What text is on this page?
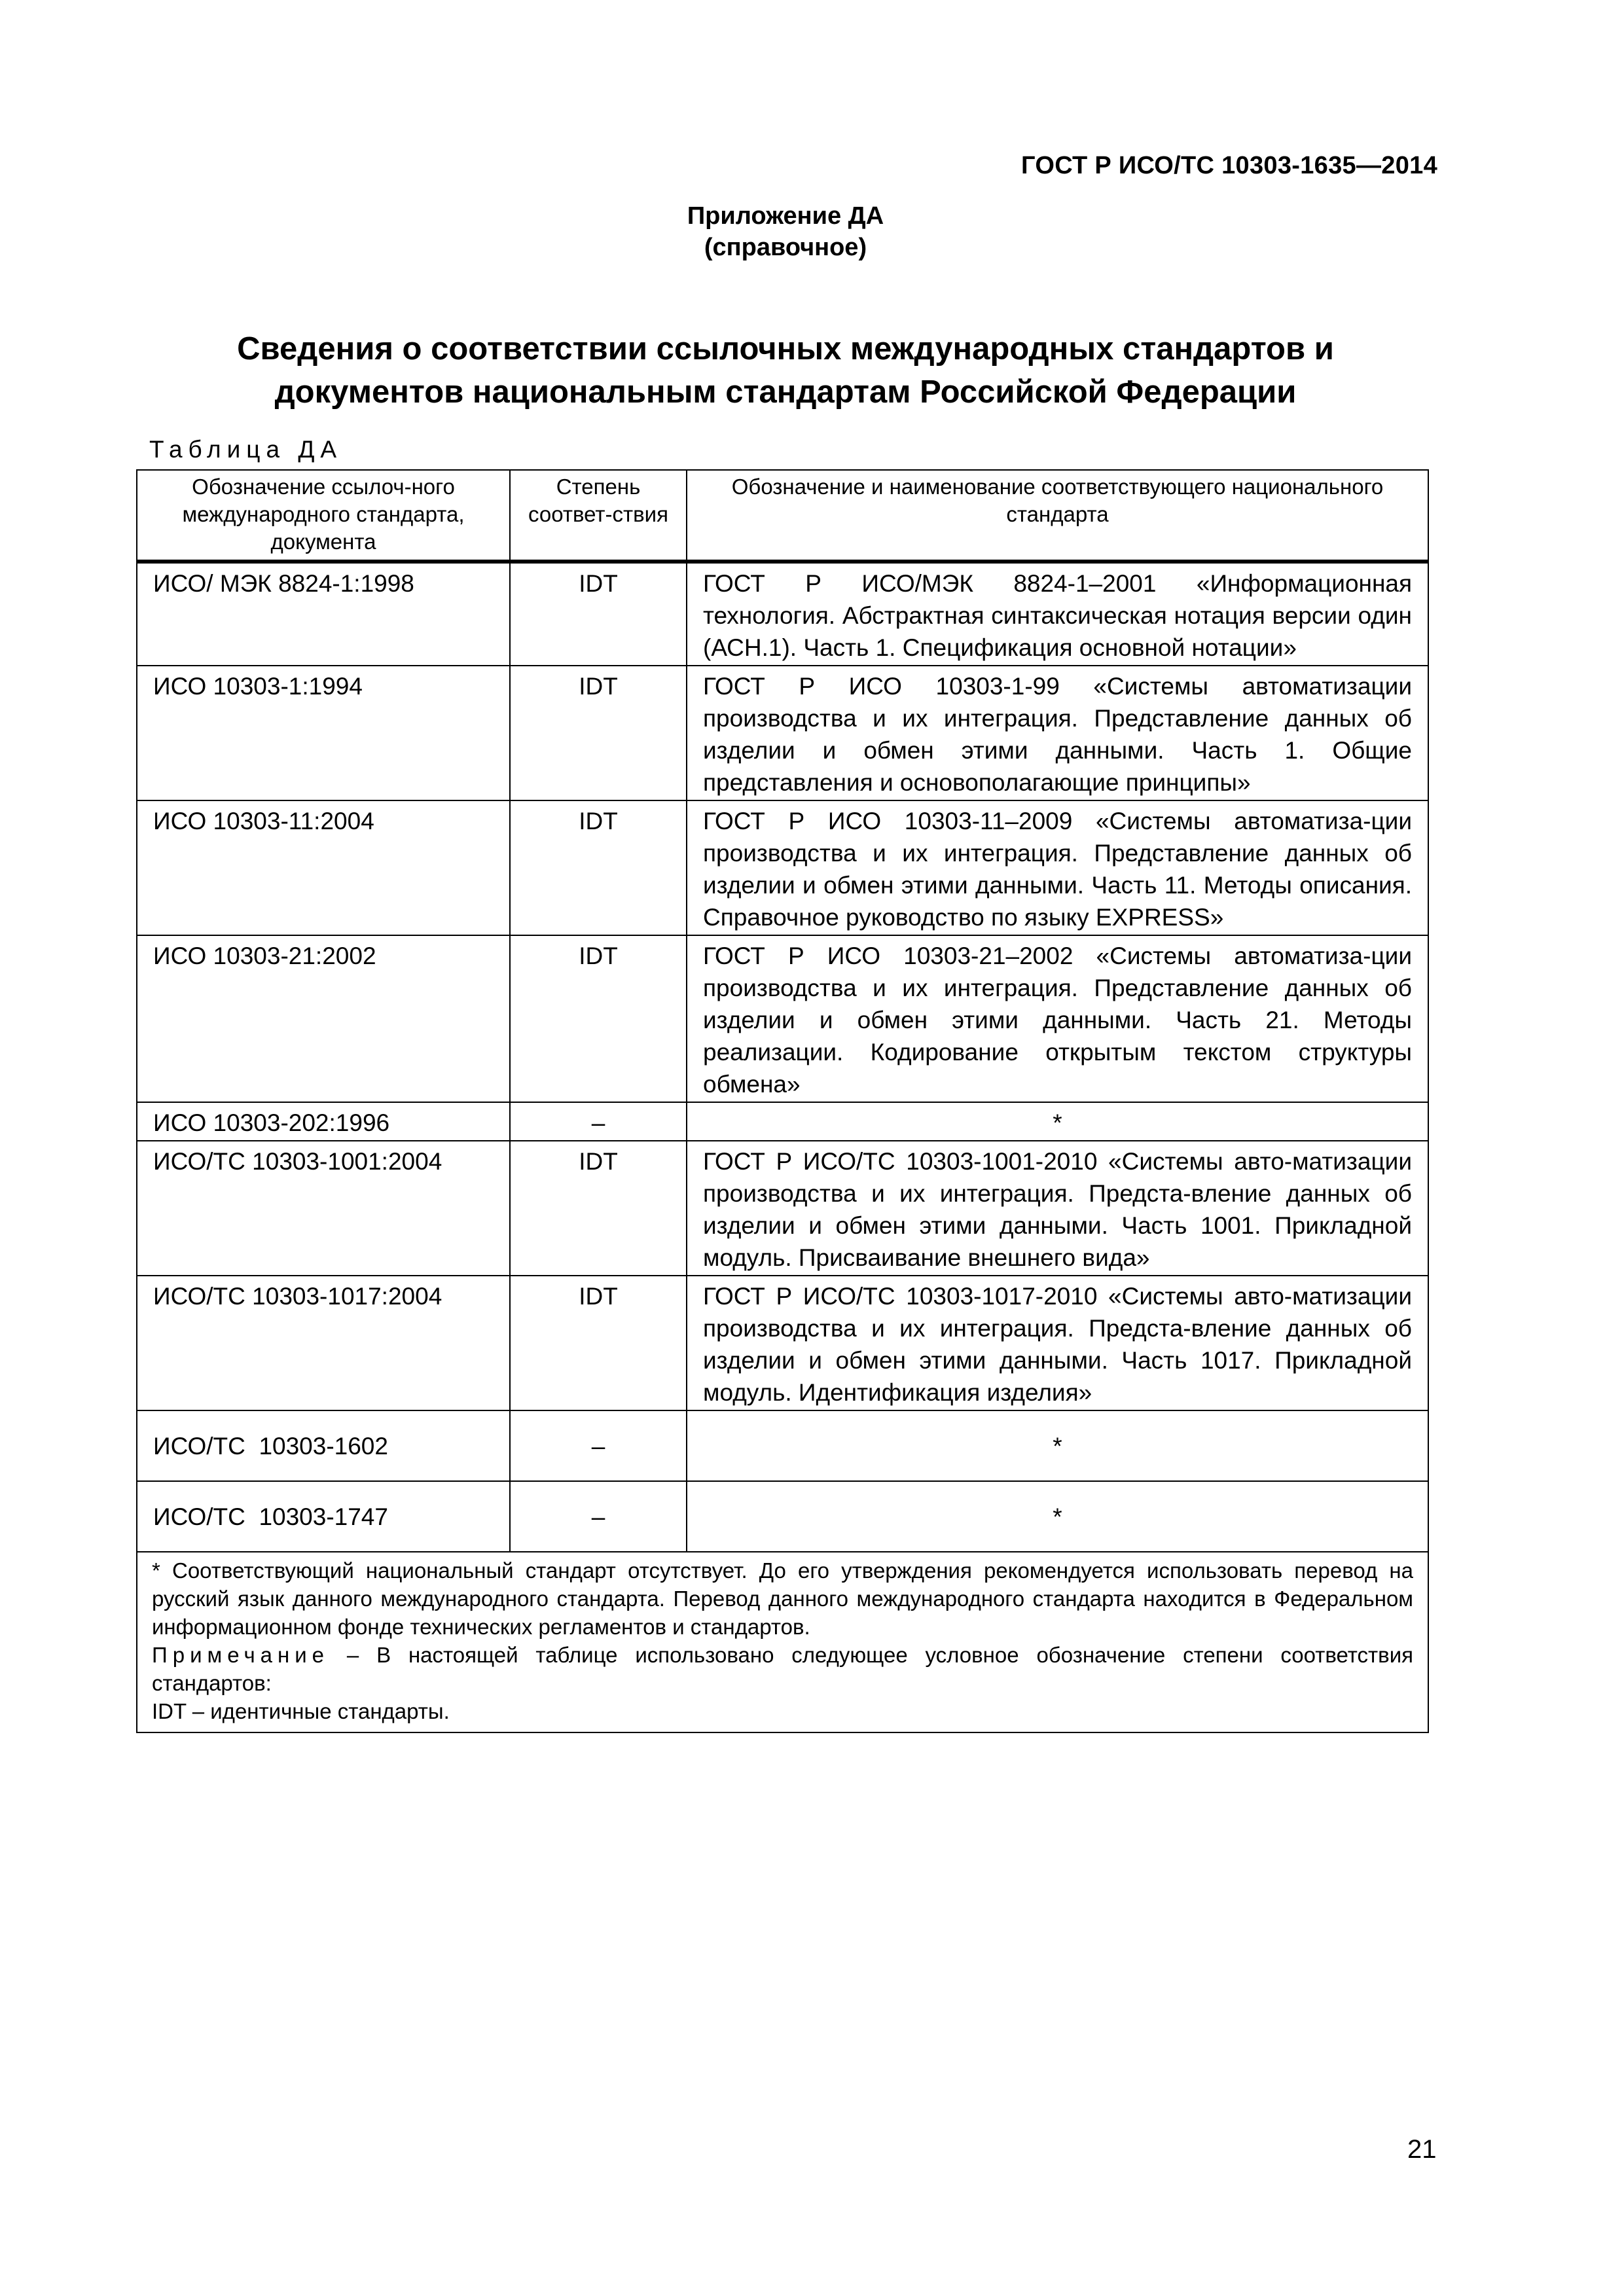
ГОСТ Р ИСО/ТС 10303-1635—2014
Приложение ДА
(справочное)
Сведения о соответствии ссылочных международных стандартов и
документов национальным стандартам Российской Федерации
Таблица ДА
Обозначение ссылоч-ного международного стандарта, документа	Степень соответ-ствия	Обозначение и наименование соответствующего национального стандарта
ИСО/ МЭК 8824-1:1998	IDT	ГОСТ Р ИСО/МЭК 8824-1–2001 «Информационная технология. Абстрактная синтаксическая нотация версии один (АСН.1). Часть 1. Спецификация основной нотации»
ИСО 10303-1:1994	IDT	ГОСТ Р ИСО 10303-1-99 «Системы автоматизации производства и их интеграция. Представление данных об изделии и обмен этими данными. Часть 1. Общие представления и основополагающие принципы»
ИСО 10303-11:2004	IDT	ГОСТ Р ИСО 10303-11–2009 «Системы автоматиза-ции производства и их интеграция. Представление данных об изделии и обмен этими данными. Часть 11. Методы описания. Справочное руководство по языку EXPRESS»
ИСО 10303-21:2002	IDT	ГОСТ Р ИСО 10303-21–2002 «Системы автоматиза-ции производства и их интеграция. Представление данных об изделии и обмен этими данными. Часть 21. Методы реализации. Кодирование открытым текстом структуры обмена»
ИСО 10303-202:1996	–	*
ИСО/ТС 10303-1001:2004	IDT	ГОСТ Р ИСО/ТС 10303-1001-2010 «Системы авто-матизации производства и их интеграция. Предста-вление данных об изделии и обмен этими данными. Часть 1001. Прикладной модуль. Присваивание внешнего вида»
ИСО/ТС 10303-1017:2004	IDT	ГОСТ Р ИСО/ТС 10303-1017-2010 «Системы авто-матизации производства и их интеграция. Предста-вление данных об изделии и обмен этими данными. Часть 1017. Прикладной модуль. Идентификация изделия»
ИСО/ТС  10303-1602	–	*
ИСО/ТС  10303-1747	–	*

* Соответствующий национальный стандарт отсутствует. До его утверждения рекомендуется использовать перевод на русский язык данного международного стандарта. Перевод данного международного стандарта находится в Федеральном информационном фонде технических регламентов и стандартов.
Примечание – В настоящей таблице использовано следующее условное обозначение степени соответствия стандартов:
IDT – идентичные стандарты.		
21
